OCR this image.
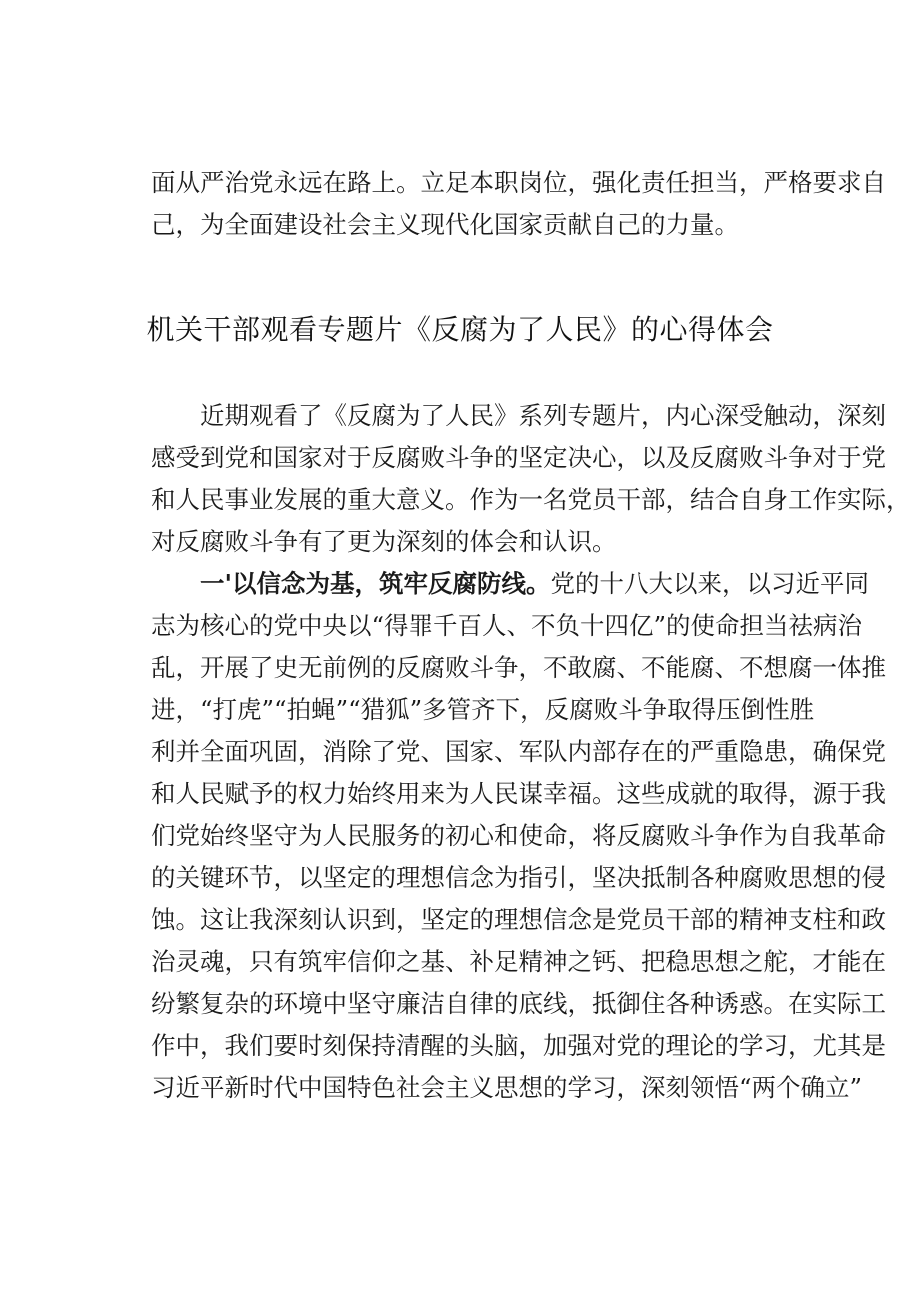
面从严治党永远在路上。立足本职岗位，强化责任担当，严格要求自
己，为全面建设社会主义现代化国家贡献自己的力量。
机关干部观看专题片《反腐为了人民》的心得体会
近期观看了《反腐为了人民》系列专题片，内心深受触动，深刻
感受到党和国家对于反腐败斗争的坚定决心，以及反腐败斗争对于党
和人民事业发展的重大意义。作为一名党员干部，结合自身工作实际，
对反腐败斗争有了更为深刻的体会和认识。
一'以信念为基，筑牢反腐防线。党的十八大以来，以习近平同
志为核心的党中央以“得罪千百人、不负十四亿”的使命担当祛病治
乱，开展了史无前例的反腐败斗争，不敢腐、不能腐、不想腐一体推
进，“打虎”“拍蝇”“猎狐”多管齐下，反腐败斗争取得压倒性胜
利并全面巩固，消除了党、国家、军队内部存在的严重隐患，确保党
和人民赋予的权力始终用来为人民谋幸福。这些成就的取得，源于我
们党始终坚守为人民服务的初心和使命，将反腐败斗争作为自我革命
的关键环节，以坚定的理想信念为指引，坚决抵制各种腐败思想的侵
蚀。这让我深刻认识到，坚定的理想信念是党员干部的精神支柱和政
治灵魂，只有筑牢信仰之基、补足精神之钙、把稳思想之舵，才能在
纷繁复杂的环境中坚守廉洁自律的底线，抵御住各种诱惑。在实际工
作中，我们要时刻保持清醒的头脑，加强对党的理论的学习，尤其是
习近平新时代中国特色社会主义思想的学习，深刻领悟“两个确立”
